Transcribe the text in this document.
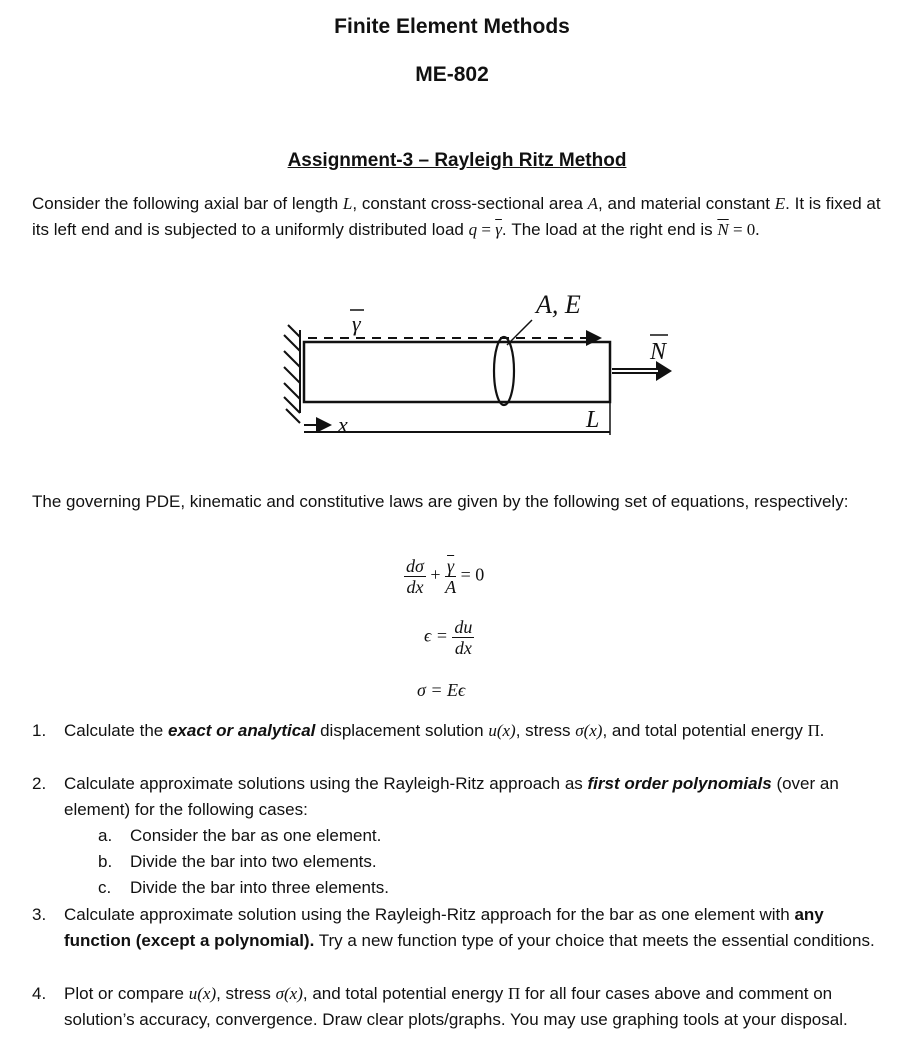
Finite Element Methods
ME-802
Assignment-3 – Rayleigh Ritz Method
Consider the following axial bar of length L, constant cross-sectional area A, and material constant E. It is fixed at its left end and is subjected to a uniformly distributed load $q = \overline{\gamma}$. The load at the right end is $\overline{N} = 0$.
A, E
γ
N
x	L
The governing PDE, kinematic and constitutive laws are given by the following set of equations, respectively:
$\frac{d\sigma}{dx} + \frac{\overline{\gamma}}{A} = 0$
$\epsilon = \frac{du}{dx}$
σ = Eϵ
1.	Calculate the exact or analytical displacement solution u(x), stress σ(x), and total potential energy Π.
2.	Calculate approximate solutions using the Rayleigh-Ritz approach as first order polynomials (over an element) for the following cases:
a. Consider the bar as one element.
b. Divide the bar into two elements.
c. Divide the bar into three elements.
3.	Calculate approximate solution using the Rayleigh-Ritz approach for the bar as one element with any function (except a polynomial). Try a new function type of your choice that meets the essential conditions.
4.	Plot or compare u(x), stress σ(x), and total potential energy Π for all four cases above and comment on solution’s accuracy, convergence. Draw clear plots/graphs. You may use graphing tools at your disposal.
